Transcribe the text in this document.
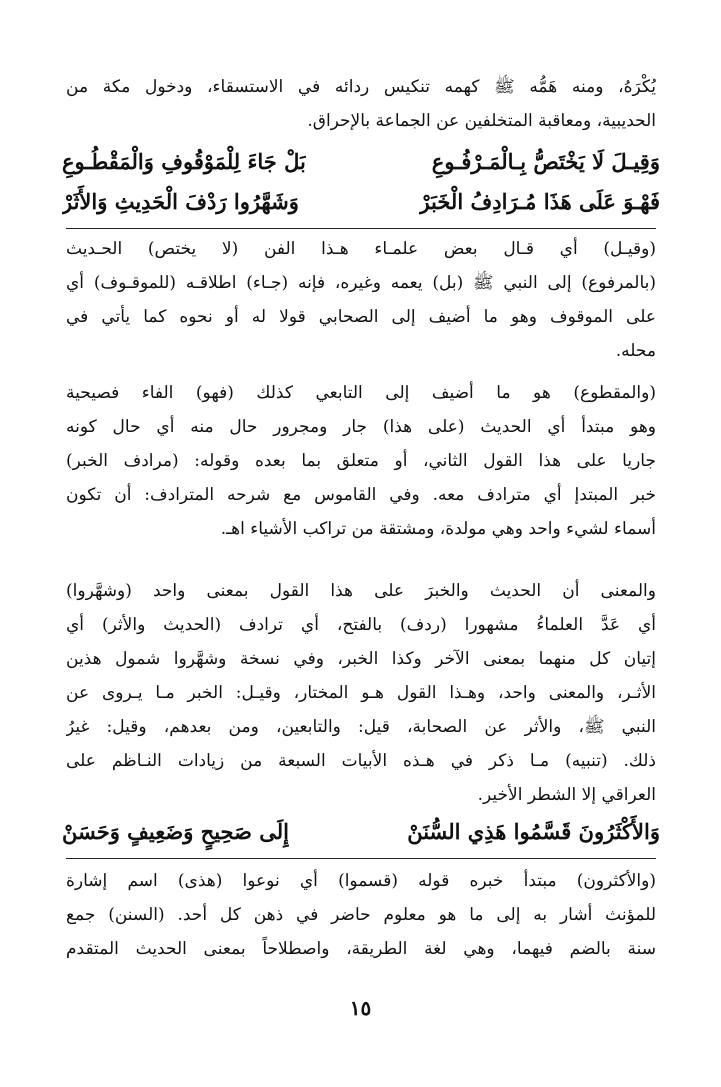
يُكْرَهُ، ومنه هَمُّه ﷺ كهمه تنكيس ردائه في الاستسقاء، ودخول مكة من
الحديبية، ومعاقبة المتخلفين عن الجماعة بالإحراق.
وَقِيـلَ لَا يَخْتَصُّ بِـالْمَـرْفُـوعِ
بَلْ جَاءَ لِلْمَوْقُوفِ وَالْمَقْطُـوعِ
فَهْـوَ عَلَى هَذَا مُـرَادِفُ الْخَبَرْ
وَشَهَّرُوا رَدْفَ الْحَدِيثِ وَالأَثَرْ
(وقيـل) أي قـال بعض علمـاء هـذا الفن (لا يختص) الحـديث
(بالمرفوع) إلى النبي ﷺ (بل) يعمه وغيره، فإنه (جـاء) اطلاقـه (للموقـوف) أي
على الموقوف وهو ما أضيف إلى الصحابي قولا له أو نحوه كما يأتي في
محله.
(والمقطوع) هو ما أضيف إلى التابعي كذلك (فهو) الفاء فصيحية
وهو مبتدأ أي الحديث (على هذا) جار ومجرور حال منه أي حال كونه
جاريا على هذا القول الثاني، أو متعلق بما بعده وقوله: (مرادف الخبر)
خبر المبتدإ أي مترادف معه. وفي القاموس مع شرحه المترادف: أن تكون
أسماء لشيء واحد وهي مولدة، ومشتقة من تراكب الأشياء اهـ.
والمعنى أن الحديث والخبرَ على هذا القول بمعنى واحد (وشهَّروا)
أي عَدَّ العلماءُ مشهورا (ردف) بالفتح، أي ترادف (الحديث والأثر) أي
إتيان كل منهما بمعنى الآخر وكذا الخبر، وفي نسخة وشهَّروا شمول هذين
الأثـر، والمعنى واحد، وهـذا القول هـو المختار، وقيـل: الخبر مـا يـروى عن
النبي ﷺ، والأثر عن الصحابة، قيل: والتابعين، ومن بعدهم، وقيل: غيرُ
ذلك. (تنبيه) مـا ذكر في هـذه الأبيات السبعة من زيادات النـاظم على
العراقي إلا الشطر الأخير.
وَالأَكْثَرُونَ قَسَّمُوا هَذِي السُّنَنْ
إِلَى صَحِيحٍ وَضَعِيفٍ وَحَسَنْ
(والأكثرون) مبتدأ خبره قوله (قسموا) أي نوعوا (هذى) اسم إشارة
للمؤنث أشار به إلى ما هو معلوم حاضر في ذهن كل أحد. (السنن) جمع
سنة بالضم فيهما، وهي لغة الطريقة، واصطلاحاً بمعنى الحديث المتقدم
١٥
